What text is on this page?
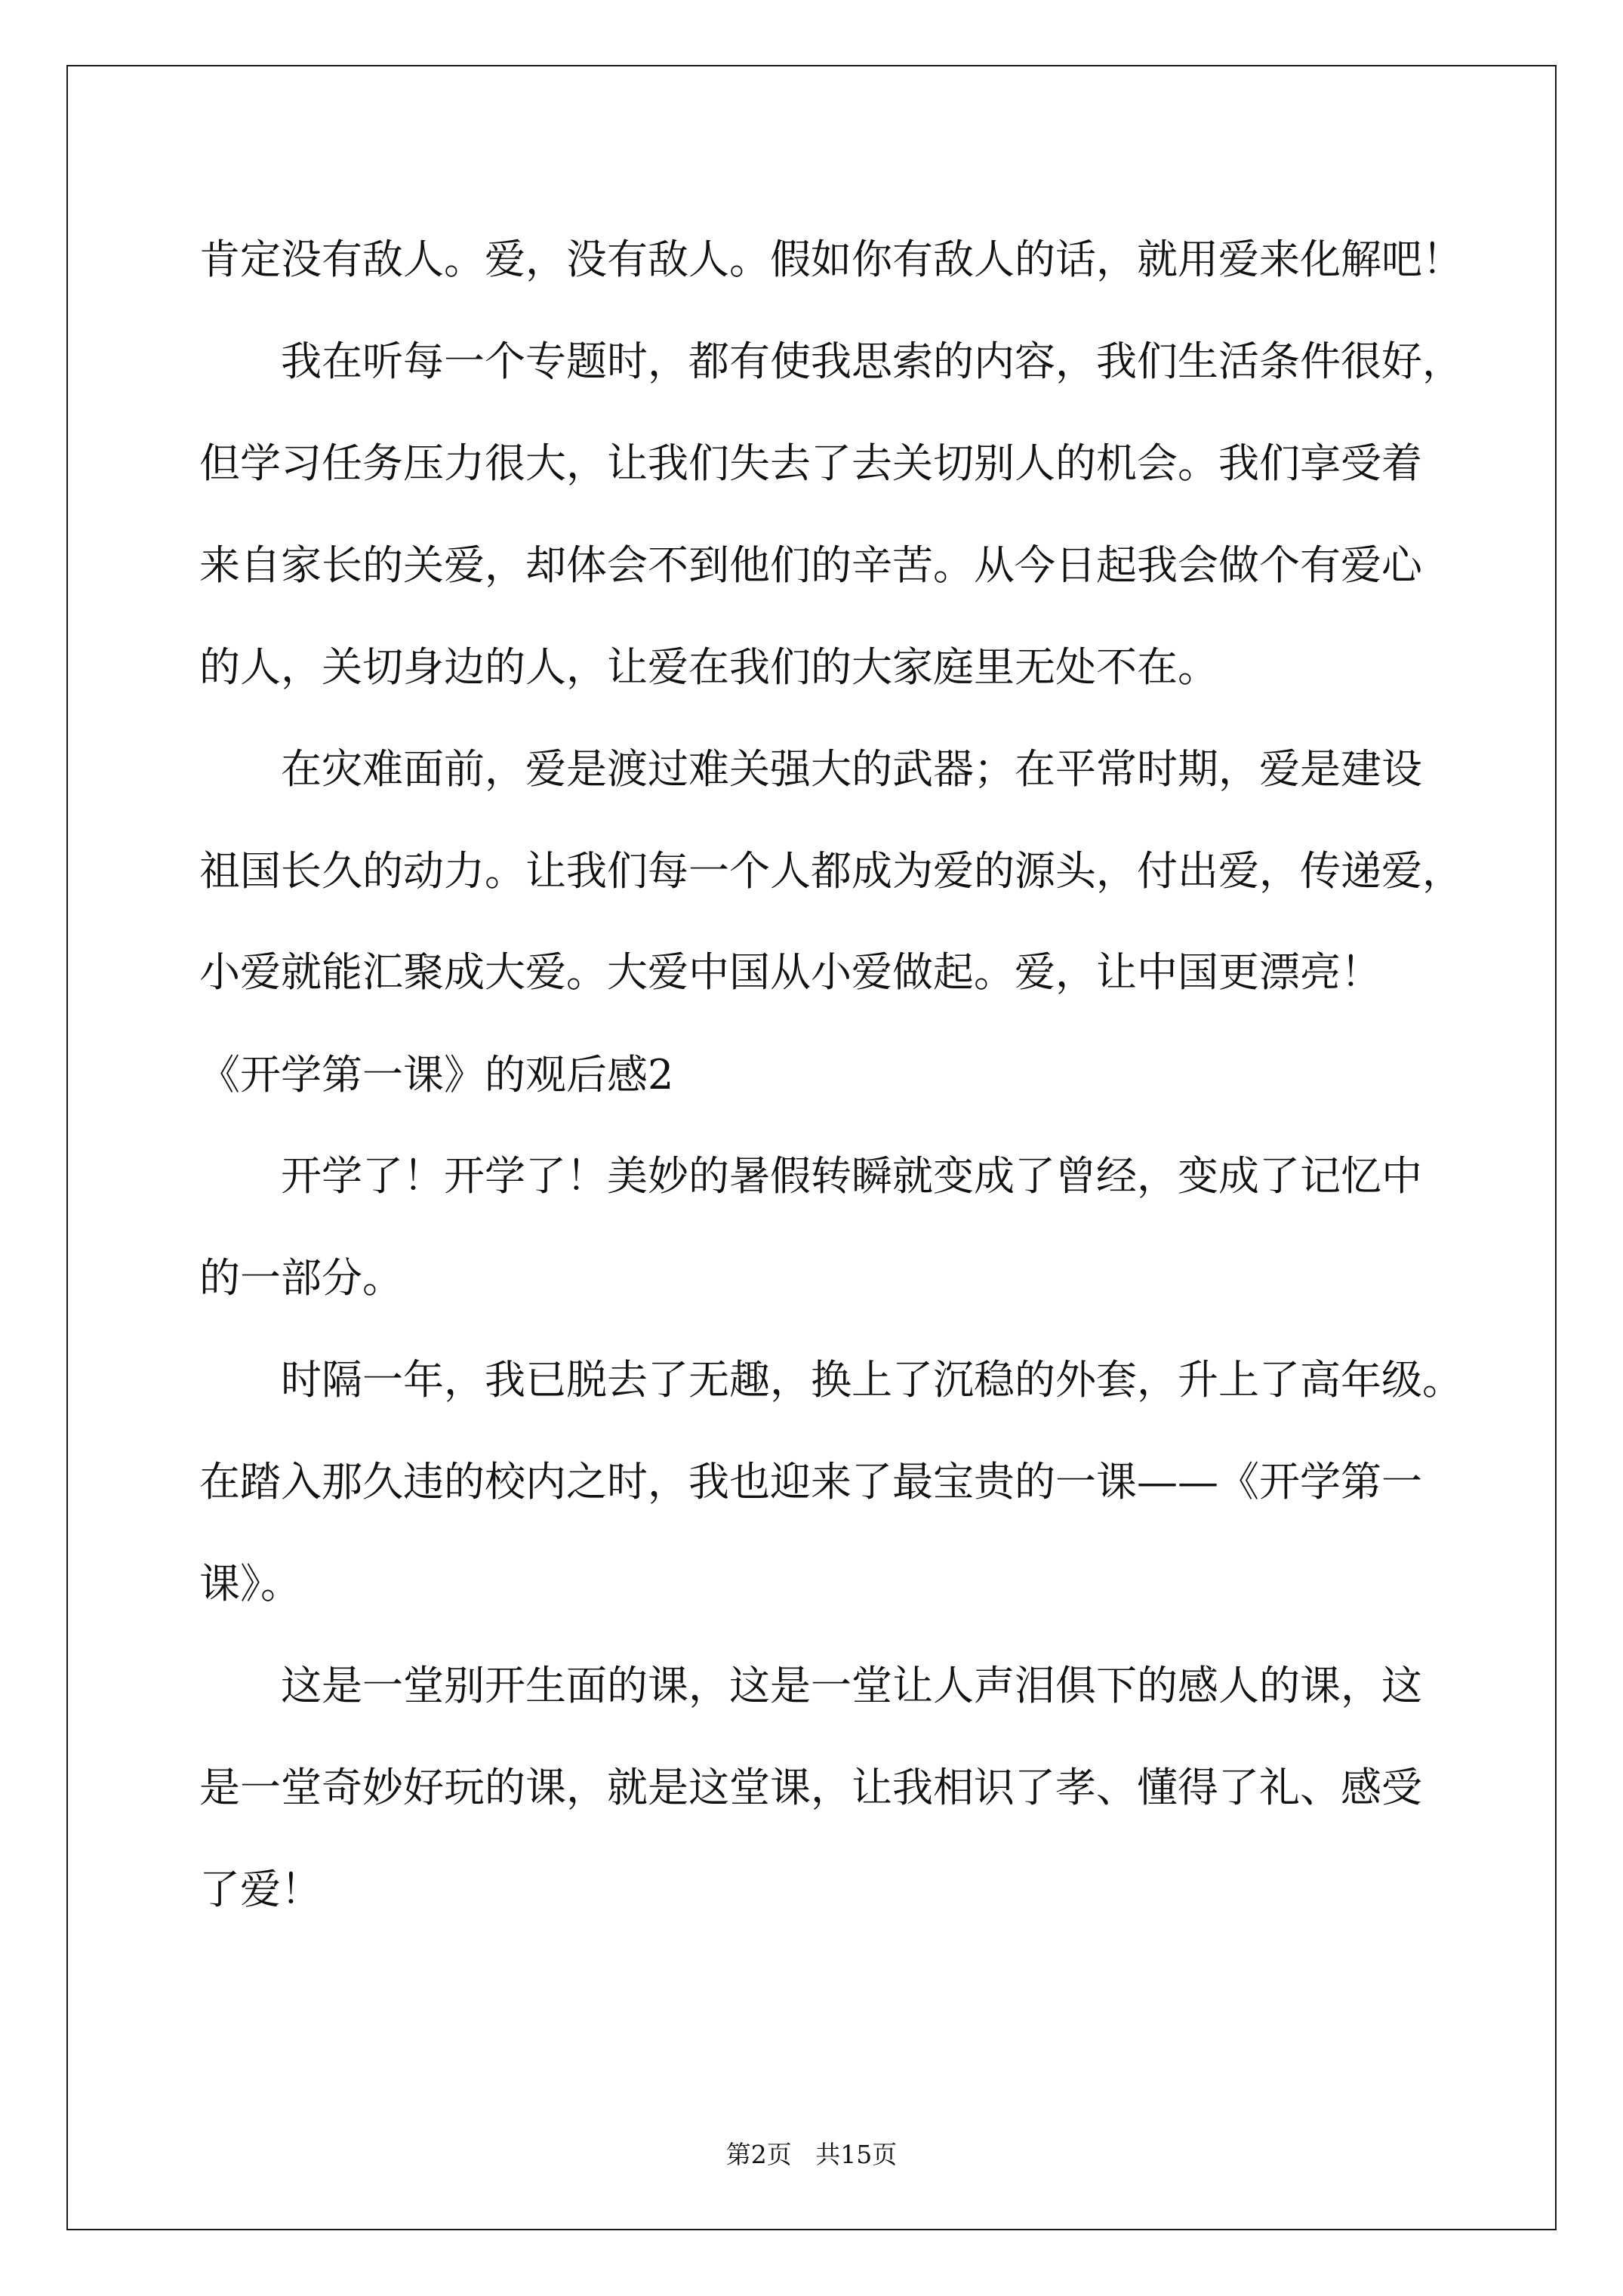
肯定没有敌人。爱，没有敌人。假如你有敌人的话，就用爱来化解吧！

我在听每一个专题时，都有使我思索的内容，我们生活条件很好，

但学习任务压力很大，让我们失去了去关切别人的机会。我们享受着

来自家长的关爱，却体会不到他们的辛苦。从今日起我会做个有爱心

的人，关切身边的人，让爱在我们的大家庭里无处不在。

在灾难面前，爱是渡过难关强大的武器；在平常时期，爱是建设

祖国长久的动力。让我们每一个人都成为爱的源头，付出爱，传递爱，

小爱就能汇聚成大爱。大爱中国从小爱做起。爱，让中国更漂亮！

《开学第一课》的观后感2

开学了！开学了！美妙的暑假转瞬就变成了曾经，变成了记忆中

的一部分。

时隔一年，我已脱去了无趣，换上了沉稳的外套，升上了高年级。

在踏入那久违的校内之时，我也迎来了最宝贵的一课——《开学第一

课》。

这是一堂别开生面的课，这是一堂让人声泪俱下的感人的课，这

是一堂奇妙好玩的课，就是这堂课，让我相识了孝、懂得了礼、感受

了爱！

第2页   共15页
